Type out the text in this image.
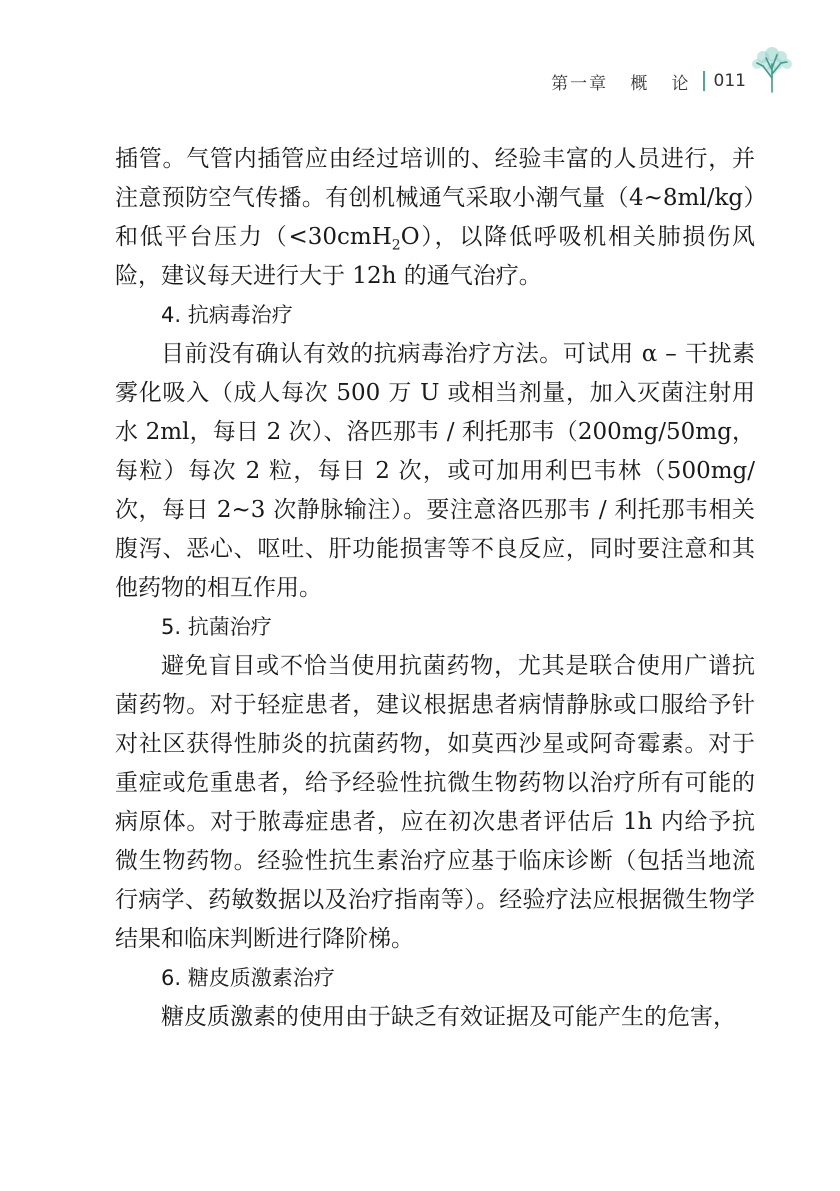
第一章   概   论 011

插管。气管内插管应由经过培训的、经验丰富的人员进行，并注意预防空气传播。有创机械通气采取小潮气量（4~8ml/kg）和低平台压力（<30cmH$_2$O），以降低呼吸机相关肺损伤风险，建议每天进行大于 12h 的通气治疗。

4. 抗病毒治疗

目前没有确认有效的抗病毒治疗方法。可试用 α – 干扰素雾化吸入（成人每次 500 万 U 或相当剂量，加入灭菌注射用水 2ml，每日 2 次）、洛匹那韦 / 利托那韦（200mg/50mg，每粒）每次 2 粒，每日 2 次，或可加用利巴韦林（500mg/ 次，每日 2~3 次静脉输注）。要注意洛匹那韦 / 利托那韦相关腹泻、恶心、呕吐、肝功能损害等不良反应，同时要注意和其他药物的相互作用。

5. 抗菌治疗

避免盲目或不恰当使用抗菌药物，尤其是联合使用广谱抗菌药物。对于轻症患者，建议根据患者病情静脉或口服给予针对社区获得性肺炎的抗菌药物，如莫西沙星或阿奇霉素。对于重症或危重患者，给予经验性抗微生物药物以治疗所有可能的病原体。对于脓毒症患者，应在初次患者评估后 1h 内给予抗微生物药物。经验性抗生素治疗应基于临床诊断（包括当地流行病学、药敏数据以及治疗指南等）。经验疗法应根据微生物学结果和临床判断进行降阶梯。

6. 糖皮质激素治疗

糖皮质激素的使用由于缺乏有效证据及可能产生的危害，
